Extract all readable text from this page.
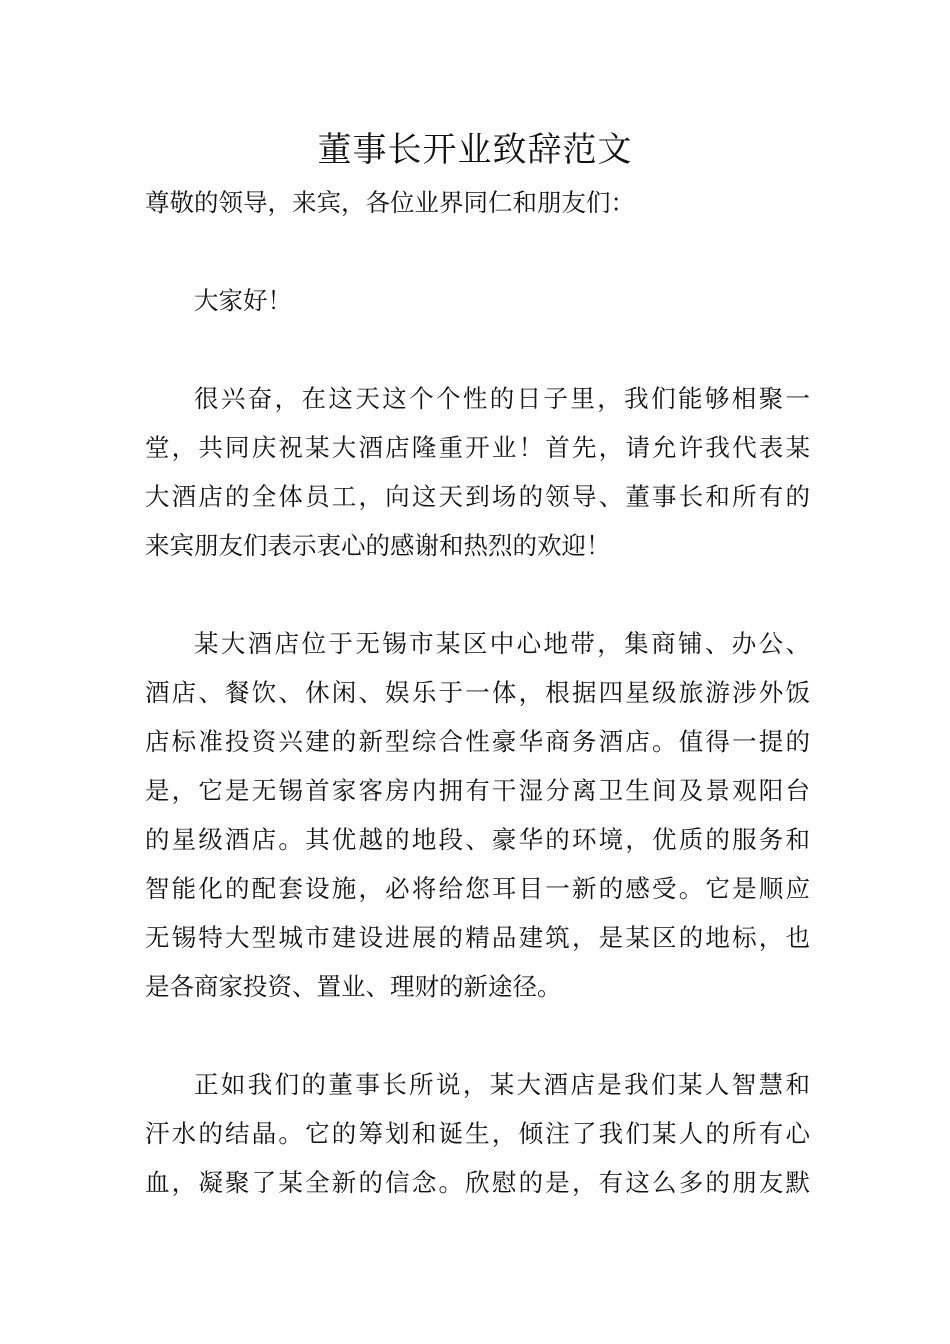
董事长开业致辞范文

尊敬的领导，来宾，各位业界同仁和朋友们：

大家好！

很兴奋，在这天这个个性的日子里，我们能够相聚一
堂，共同庆祝某大酒店隆重开业！首先，请允许我代表某
大酒店的全体员工，向这天到场的领导、董事长和所有的
来宾朋友们表示衷心的感谢和热烈的欢迎！
某大酒店位于无锡市某区中心地带，集商铺、办公、
酒店、餐饮、休闲、娱乐于一体，根据四星级旅游涉外饭
店标准投资兴建的新型综合性豪华商务酒店。值得一提的
是，它是无锡首家客房内拥有干湿分离卫生间及景观阳台
的星级酒店。其优越的地段、豪华的环境，优质的服务和
智能化的配套设施，必将给您耳目一新的感受。它是顺应
无锡特大型城市建设进展的精品建筑，是某区的地标，也
是各商家投资、置业、理财的新途径。
正如我们的董事长所说，某大酒店是我们某人智慧和
汗水的结晶。它的筹划和诞生，倾注了我们某人的所有心
血，凝聚了某全新的信念。欣慰的是，有这么多的朋友默
